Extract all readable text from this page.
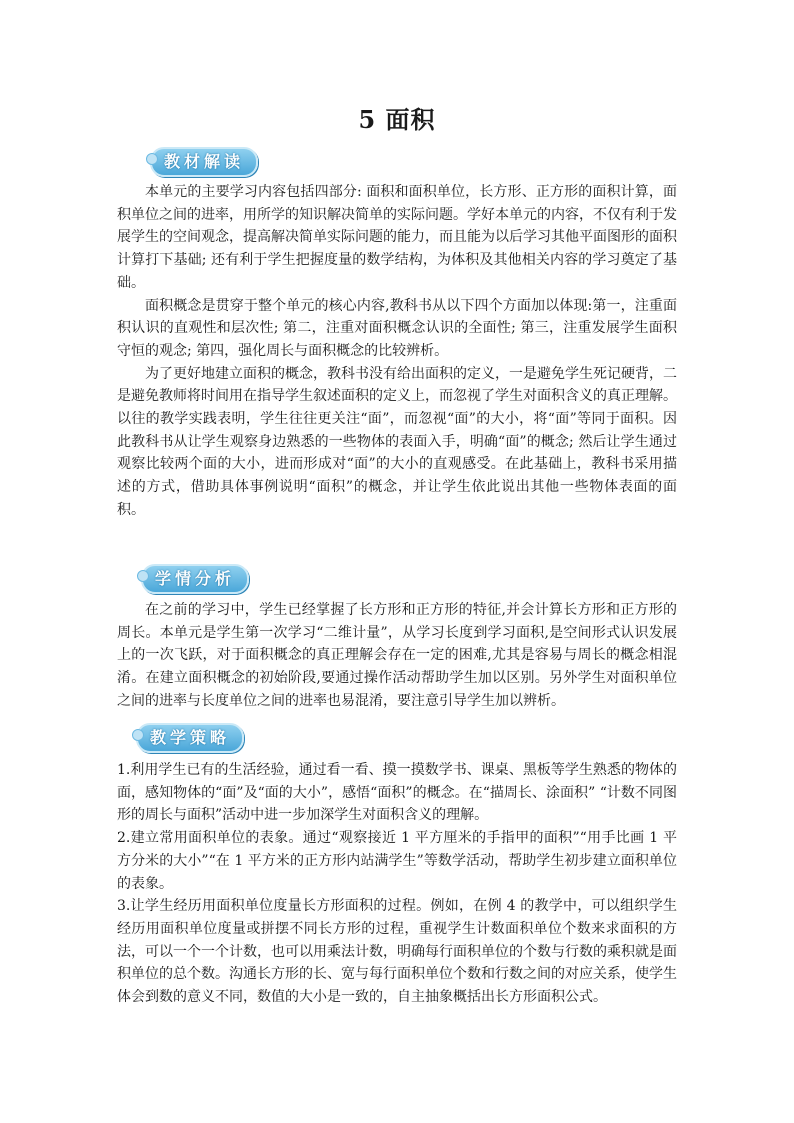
5 面积
教材解读

本单元的主要学习内容包括四部分: 面积和面积单位，长方形、正方形的面积计算，面积单位之间的进率，用所学的知识解决简单的实际问题。学好本单元的内容，不仅有利于发展学生的空间观念，提高解决简单实际问题的能力，而且能为以后学习其他平面图形的面积计算打下基础; 还有利于学生把握度量的数学结构，为体积及其他相关内容的学习奠定了基础。

面积概念是贯穿于整个单元的核心内容,教科书从以下四个方面加以体现:第一，注重面积认识的直观性和层次性; 第二，注重对面积概念认识的全面性; 第三，注重发展学生面积守恒的观念; 第四，强化周长与面积概念的比较辨析。

为了更好地建立面积的概念，教科书没有给出面积的定义，一是避免学生死记硬背，二是避免教师将时间用在指导学生叙述面积的定义上，而忽视了学生对面积含义的真正理解。以往的教学实践表明，学生往往更关注“面”，而忽视“面”的大小，将“面”等同于面积。因此教科书从让学生观察身边熟悉的一些物体的表面入手，明确“面”的概念; 然后让学生通过观察比较两个面的大小，进而形成对“面”的大小的直观感受。在此基础上，教科书采用描述的方式，借助具体事例说明“面积”的概念，并让学生依此说出其他一些物体表面的面积。

学情分析

在之前的学习中，学生已经掌握了长方形和正方形的特征,并会计算长方形和正方形的周长。本单元是学生第一次学习“二维计量”，从学习长度到学习面积,是空间形式认识发展上的一次飞跃，对于面积概念的真正理解会存在一定的困难,尤其是容易与周长的概念相混淆。在建立面积概念的初始阶段,要通过操作活动帮助学生加以区别。另外学生对面积单位之间的进率与长度单位之间的进率也易混淆，要注意引导学生加以辨析。

教学策略

1.利用学生已有的生活经验，通过看一看、摸一摸数学书、课桌、黑板等学生熟悉的物体的面，感知物体的“面”及“面的大小”，感悟“面积”的概念。在“描周长、涂面积” “计数不同图形的周长与面积”活动中进一步加深学生对面积含义的理解。

2.建立常用面积单位的表象。通过“观察接近 1 平方厘米的手指甲的面积”“用手比画 1 平方分米的大小”“在 1 平方米的正方形内站满学生”等数学活动，帮助学生初步建立面积单位的表象。

3.让学生经历用面积单位度量长方形面积的过程。例如，在例 4 的教学中，可以组织学生经历用面积单位度量或拼摆不同长方形的过程，重视学生计数面积单位个数来求面积的方法，可以一个一个计数，也可以用乘法计数，明确每行面积单位的个数与行数的乘积就是面积单位的总个数。沟通长方形的长、宽与每行面积单位个数和行数之间的对应关系，使学生体会到数的意义不同，数值的大小是一致的，自主抽象概括出长方形面积公式。
